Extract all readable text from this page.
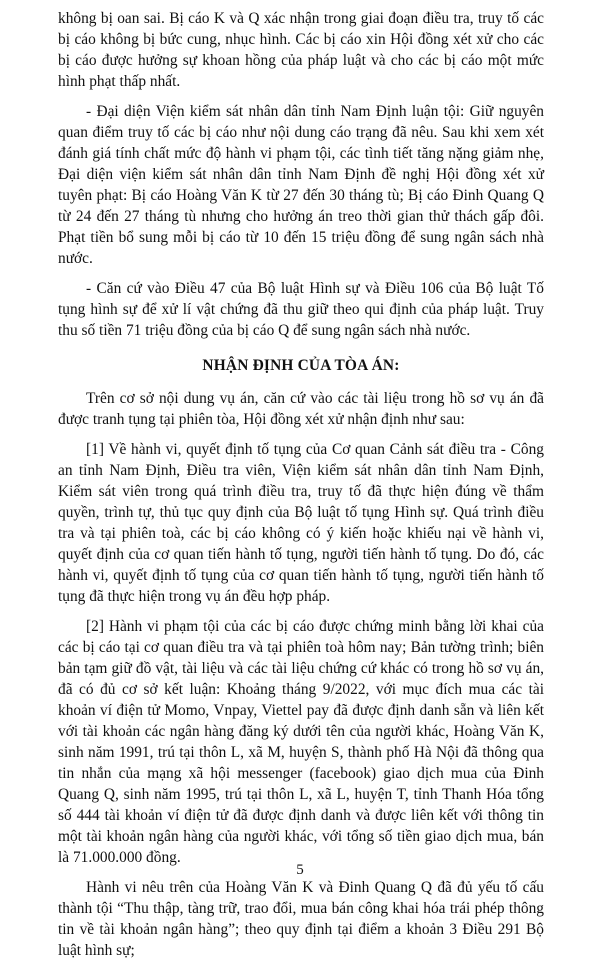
không bị oan sai. Bị cáo K và Q xác nhận trong giai đoạn điều tra, truy tố các bị cáo không bị bức cung, nhục hình. Các bị cáo xin Hội đồng xét xử cho các bị cáo được hưởng sự khoan hồng của pháp luật và cho các bị cáo một mức hình phạt thấp nhất.

- Đại diện Viện kiểm sát nhân dân tỉnh Nam Định luận tội: Giữ nguyên quan điểm truy tố các bị cáo như nội dung cáo trạng đã nêu. Sau khi xem xét đánh giá tính chất mức độ hành vi phạm tội, các tình tiết tăng nặng giảm nhẹ, Đại diện viện kiểm sát nhân dân tỉnh Nam Định đề nghị Hội đồng xét xử tuyên phạt: Bị cáo Hoàng Văn K từ 27 đến 30 tháng tù; Bị cáo Đinh Quang Q từ 24 đến 27 tháng tù nhưng cho hưởng án treo thời gian thử thách gấp đôi. Phạt tiền bổ sung mỗi bị cáo từ 10 đến 15 triệu đồng để sung ngân sách nhà nước.

- Căn cứ vào Điều 47 của Bộ luật Hình sự và Điều 106 của Bộ luật Tố tụng hình sự để xử lí vật chứng đã thu giữ theo qui định của pháp luật. Truy thu số tiền 71 triệu đồng của bị cáo Q để sung ngân sách nhà nước.

NHẬN ĐỊNH CỦA TÒA ÁN:

Trên cơ sở nội dung vụ án, căn cứ vào các tài liệu trong hồ sơ vụ án đã được tranh tụng tại phiên tòa, Hội đồng xét xử nhận định như sau:

[1] Về hành vi, quyết định tố tụng của Cơ quan Cảnh sát điều tra - Công an tỉnh Nam Định, Điều tra viên, Viện kiểm sát nhân dân tỉnh Nam Định, Kiểm sát viên trong quá trình điều tra, truy tố đã thực hiện đúng về thẩm quyền, trình tự, thủ tục quy định của Bộ luật tố tụng Hình sự. Quá trình điều tra và tại phiên toà, các bị cáo không có ý kiến hoặc khiếu nại về hành vi, quyết định của cơ quan tiến hành tố tụng, người tiến hành tố tụng. Do đó, các hành vi, quyết định tố tụng của cơ quan tiến hành tố tụng, người tiến hành tố tụng đã thực hiện trong vụ án đều hợp pháp.

[2] Hành vi phạm tội của các bị cáo được chứng minh bằng lời khai của các bị cáo tại cơ quan điều tra và tại phiên toà hôm nay; Bản tường trình; biên bản tạm giữ đồ vật, tài liệu và các tài liệu chứng cứ khác có trong hồ sơ vụ án, đã có đủ cơ sở kết luận: Khoảng tháng 9/2022, với mục đích mua các tài khoản ví điện tử Momo, Vnpay, Viettel pay đã được định danh sẵn và liên kết với tài khoản các ngân hàng đăng ký dưới tên của người khác, Hoàng Văn K, sinh năm 1991, trú tại thôn L, xã M, huyện S, thành phố Hà Nội đã thông qua tin nhắn của mạng xã hội messenger (facebook) giao dịch mua của Đinh Quang Q, sinh năm 1995, trú tại thôn L, xã L, huyện T, tỉnh Thanh Hóa tổng số 444 tài khoản ví điện tử đã được định danh và được liên kết với thông tin một tài khoản ngân hàng của người khác, với tổng số tiền giao dịch mua, bán là 71.000.000 đồng.

Hành vi nêu trên của Hoàng Văn K và Đinh Quang Q đã đủ yếu tố cấu thành tội “Thu thập, tàng trữ, trao đổi, mua bán công khai hóa trái phép thông tin về tài khoản ngân hàng”; theo quy định tại điểm a khoản 3 Điều 291 Bộ luật hình sự;

5
